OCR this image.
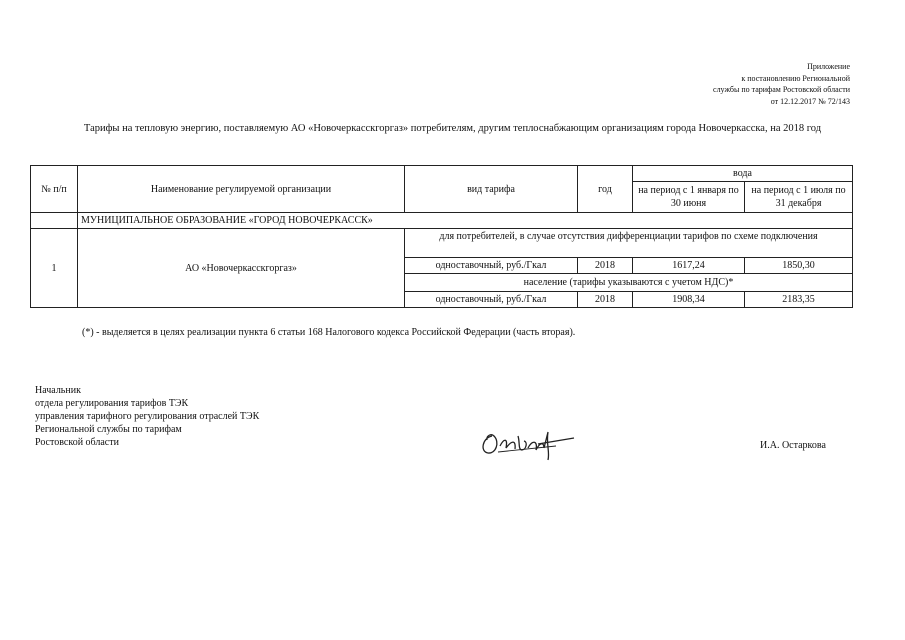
Приложение
к постановлению Региональной
службы по тарифам Ростовской области
от 12.12.2017 № 72/143
Тарифы на тепловую энергию, поставляемую АО «Новочеркасскгоргаз» потребителям, другим теплоснабжающим организациям города Новочеркасска, на 2018 год
№ п/п	Наименование регулируемой организации	вид тарифа	год	вода	
				на период с 1 января по 30 июня	на период с 1 июля по 31 декабря
	МУНИЦИПАЛЬНОЕ ОБРАЗОВАНИЕ «ГОРОД НОВОЧЕРКАССК»				
1	АО «Новочеркасскгоргаз»	для потребителей, в случае отсутствия дифференциации тарифов по схеме подключения			
		одноставочный, руб./Гкал	2018	1617,24	1850,30
		население (тарифы указываются с учетом НДС)*			
		одноставочный, руб./Гкал	2018	1908,34	2183,35
(*) - выделяется в целях реализации пункта 6 статьи 168 Налогового кодекса Российской Федерации (часть вторая).
Начальник
отдела регулирования тарифов ТЭК
управления тарифного регулирования отраслей ТЭК
Региональной службы по тарифам
Ростовской области	И.А. Остаркова
